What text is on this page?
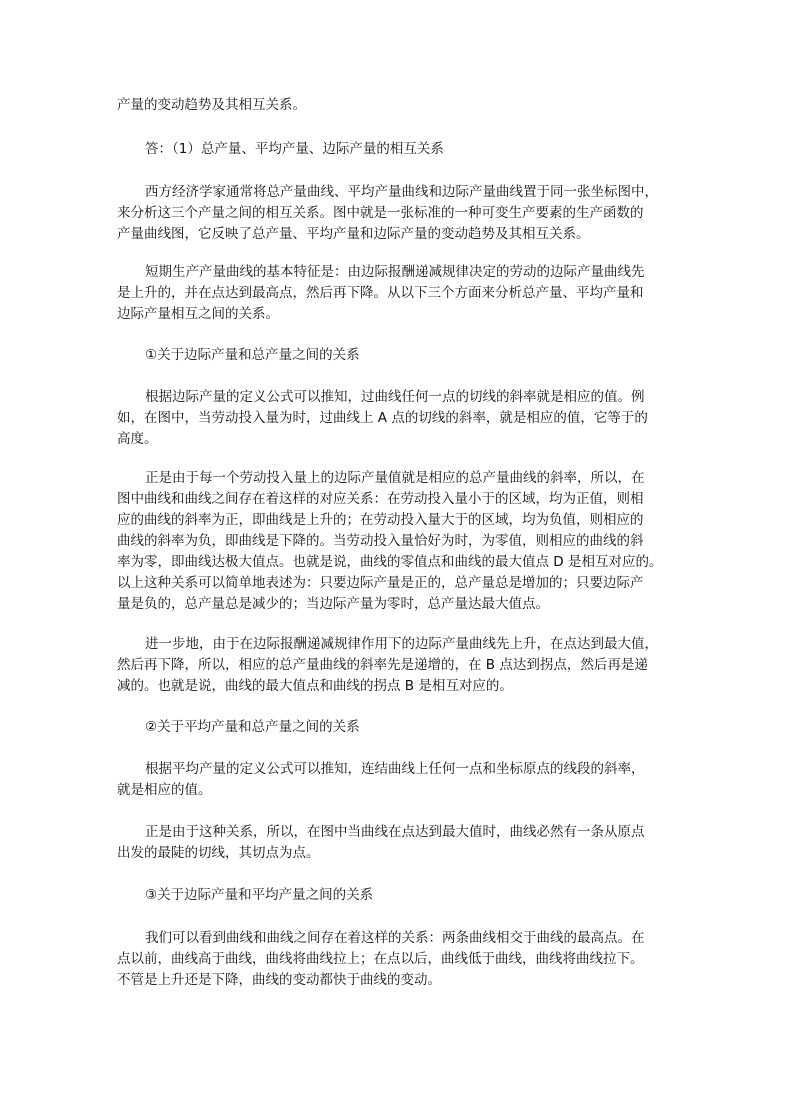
产量的变动趋势及其相互关系。

答：（1）总产量、平均产量、边际产量的相互关系

西方经济学家通常将总产量曲线、平均产量曲线和边际产量曲线置于同一张坐标图中，
来分析这三个产量之间的相互关系。图中就是一张标准的一种可变生产要素的生产函数的
产量曲线图，它反映了总产量、平均产量和边际产量的变动趋势及其相互关系。

短期生产产量曲线的基本特征是：由边际报酬递减规律决定的劳动的边际产量曲线先
是上升的，并在点达到最高点，然后再下降。从以下三个方面来分析总产量、平均产量和
边际产量相互之间的关系。

①关于边际产量和总产量之间的关系

根据边际产量的定义公式可以推知，过曲线任何一点的切线的斜率就是相应的值。例
如，在图中，当劳动投入量为时，过曲线上 A 点的切线的斜率，就是相应的值，它等于的
高度。

正是由于每一个劳动投入量上的边际产量值就是相应的总产量曲线的斜率，所以，在
图中曲线和曲线之间存在着这样的对应关系：在劳动投入量小于的区域，均为正值，则相
应的曲线的斜率为正，即曲线是上升的；在劳动投入量大于的区域，均为负值，则相应的
曲线的斜率为负，即曲线是下降的。当劳动投入量恰好为时，为零值，则相应的曲线的斜
率为零，即曲线达极大值点。也就是说，曲线的零值点和曲线的最大值点 D 是相互对应的。
以上这种关系可以简单地表述为：只要边际产量是正的，总产量总是增加的；只要边际产
量是负的，总产量总是减少的；当边际产量为零时，总产量达最大值点。

进一步地，由于在边际报酬递减规律作用下的边际产量曲线先上升，在点达到最大值，
然后再下降，所以，相应的总产量曲线的斜率先是递增的，在 B 点达到拐点，然后再是递
减的。也就是说，曲线的最大值点和曲线的拐点 B 是相互对应的。

②关于平均产量和总产量之间的关系

根据平均产量的定义公式可以推知，连结曲线上任何一点和坐标原点的线段的斜率，
就是相应的值。

正是由于这种关系，所以，在图中当曲线在点达到最大值时，曲线必然有一条从原点
出发的最陡的切线，其切点为点。

③关于边际产量和平均产量之间的关系

我们可以看到曲线和曲线之间存在着这样的关系：两条曲线相交于曲线的最高点。在
点以前，曲线高于曲线，曲线将曲线拉上；在点以后，曲线低于曲线，曲线将曲线拉下。
不管是上升还是下降，曲线的变动都快于曲线的变动。
